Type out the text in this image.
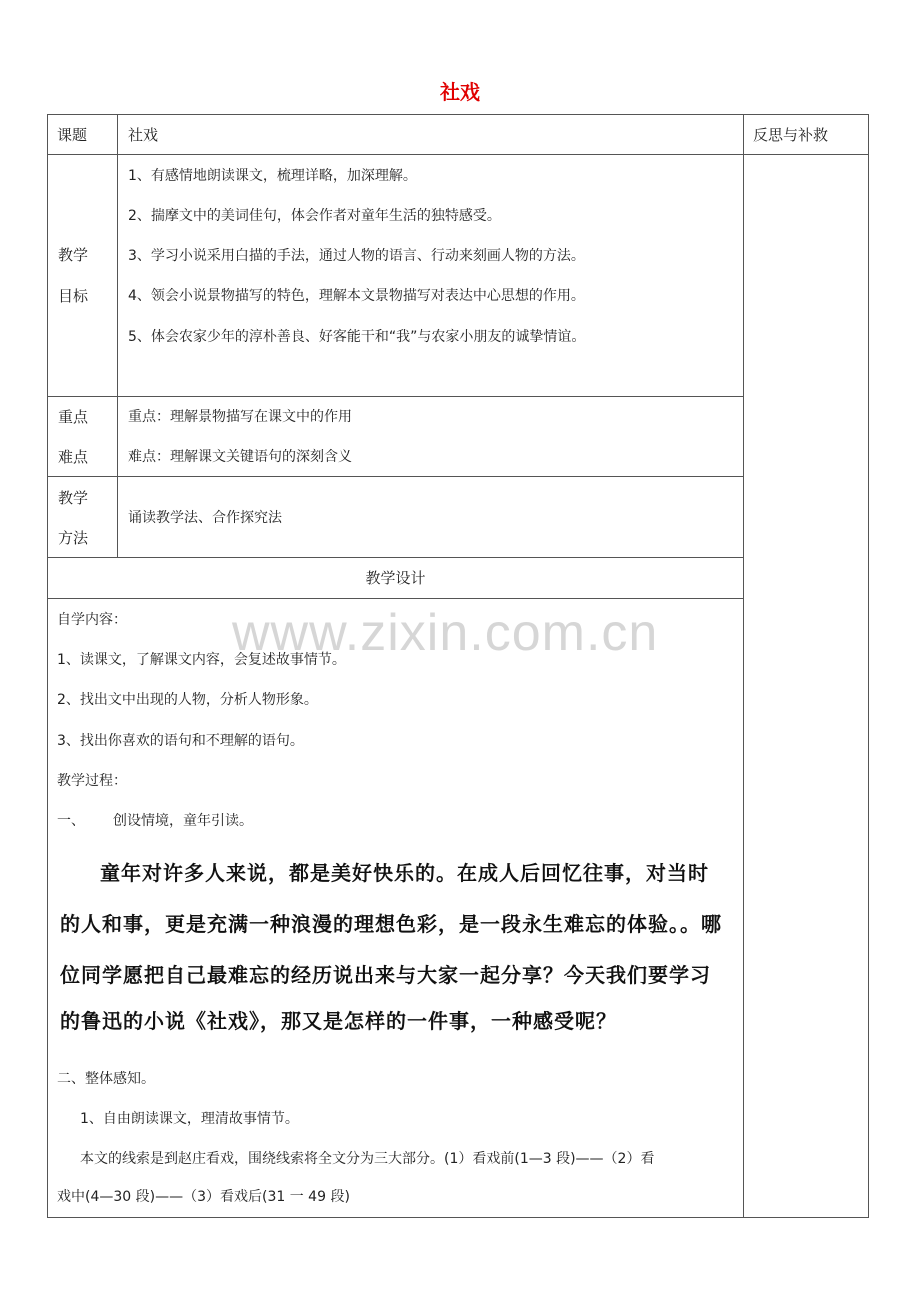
社戏
课题	社戏	反思与补救
教学
目标
1、有感情地朗读课文，梳理详略，加深理解。
2、揣摩文中的美词佳句，体会作者对童年生活的独特感受。
3、学习小说采用白描的手法，通过人物的语言、行动来刻画人物的方法。
4、领会小说景物描写的特色，理解本文景物描写对表达中心思想的作用。
5、体会农家少年的淳朴善良、好客能干和“我”与农家小朋友的诚挚情谊。
重点
难点
重点：理解景物描写在课文中的作用
难点：理解课文关键语句的深刻含义
教学
方法
诵读教学法、合作探究法
教学设计
www.zixin.com.cn
自学内容：
1、读课文，了解课文内容，会复述故事情节。
2、找出文中出现的人物，分析人物形象。
3、找出你喜欢的语句和不理解的语句。
教学过程：
一、 创设情境，童年引读。
童年对许多人来说，都是美好快乐的。在成人后回忆往事，对当时
的人和事，更是充满一种浪漫的理想色彩，是一段永生难忘的体验。。哪
位同学愿把自己最难忘的经历说出来与大家一起分享？今天我们要学习
的鲁迅的小说《社戏》，那又是怎样的一件事，一种感受呢？
二、整体感知。
1、自由朗读课文，理清故事情节。
本文的线索是到赵庄看戏，围绕线索将全文分为三大部分。(1）看戏前(1—3 段)——（2）看
戏中(4—30 段)——（3）看戏后(31 一 49 段)
